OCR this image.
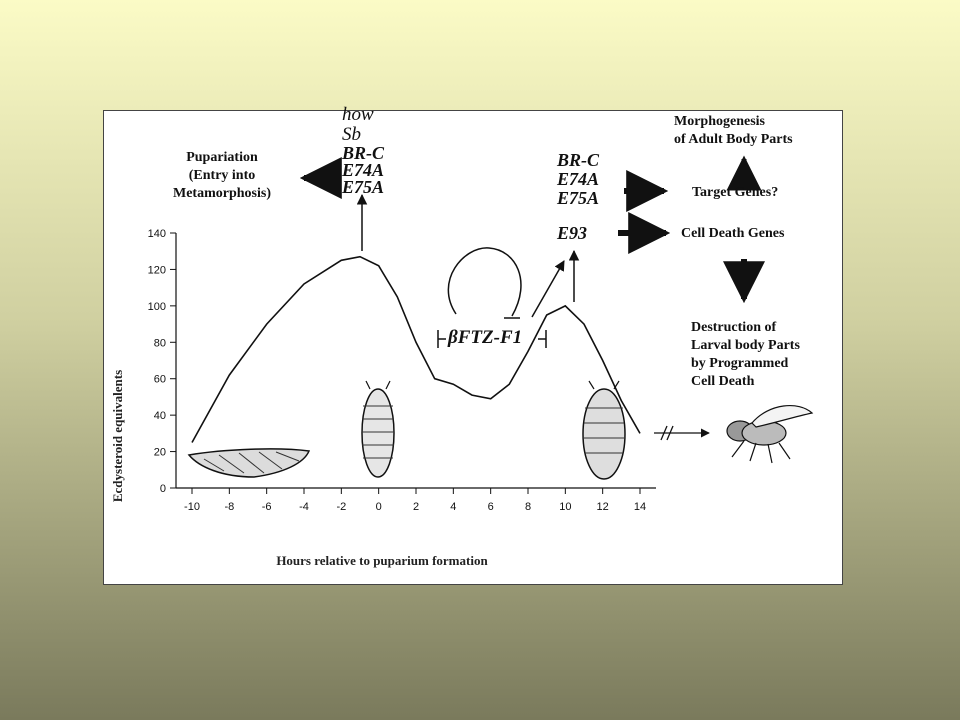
0
20
40
60
80
100
120
140
-10 -8	-6	-4	-2	0	2	4	6	8	10 12 14
Ecdysteroid equivalents
Hours relative to puparium formation
how
Sb
BR-C
E74A
E75A
BR-C
E74A
E75A
E93
βFTZ-F1
Pupariation
(Entry into
Metamorphosis)
Morphogenesis
of Adult Body Parts
Target Genes?
Cell Death Genes
Destruction of
Larval body Parts
by Programmed
Cell Death
